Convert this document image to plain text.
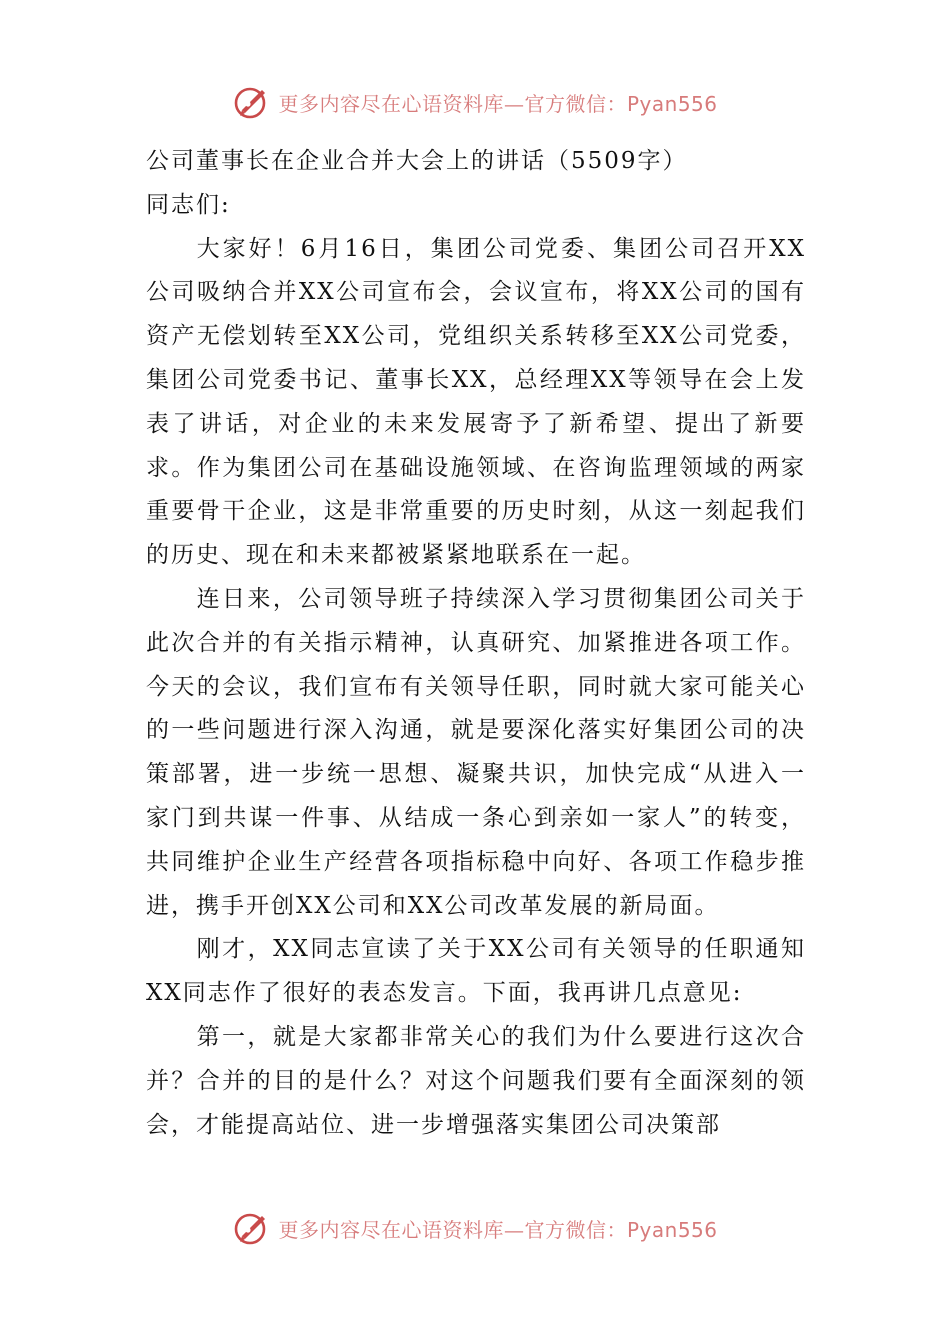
更多内容尽在心语资料库—官方微信：Pyan556
公司董事长在企业合并大会上的讲话（5509字）
同志们:

大家好！6月16日，集团公司党委、集团公司召开XX公司吸纳合并XX公司宣布会，会议宣布，将XX公司的国有资产无偿划转至XX公司，党组织关系转移至XX公司党委，集团公司党委书记、董事长XX，总经理XX等领导在会上发表了讲话，对企业的未来发展寄予了新希望、提出了新要求。作为集团公司在基础设施领域、在咨询监理领域的两家重要骨干企业，这是非常重要的历史时刻，从这一刻起我们的历史、现在和未来都被紧紧地联系在一起。

连日来，公司领导班子持续深入学习贯彻集团公司关于此次合并的有关指示精神，认真研究、加紧推进各项工作。今天的会议，我们宣布有关领导任职，同时就大家可能关心的一些问题进行深入沟通，就是要深化落实好集团公司的决策部署，进一步统一思想、凝聚共识，加快完成“从进入一家门到共谋一件事、从结成一条心到亲如一家人”的转变，共同维护企业生产经营各项指标稳中向好、各项工作稳步推进，携手开创XX公司和XX公司改革发展的新局面。

刚才，XX同志宣读了关于XX公司有关领导的任职通知XX同志作了很好的表态发言。下面，我再讲几点意见:

第一，就是大家都非常关心的我们为什么要进行这次合并？合并的目的是什么？对这个问题我们要有全面深刻的领会，才能提高站位、进一步增强落实集团公司决策部

更多内容尽在心语资料库—官方微信：Pyan556
